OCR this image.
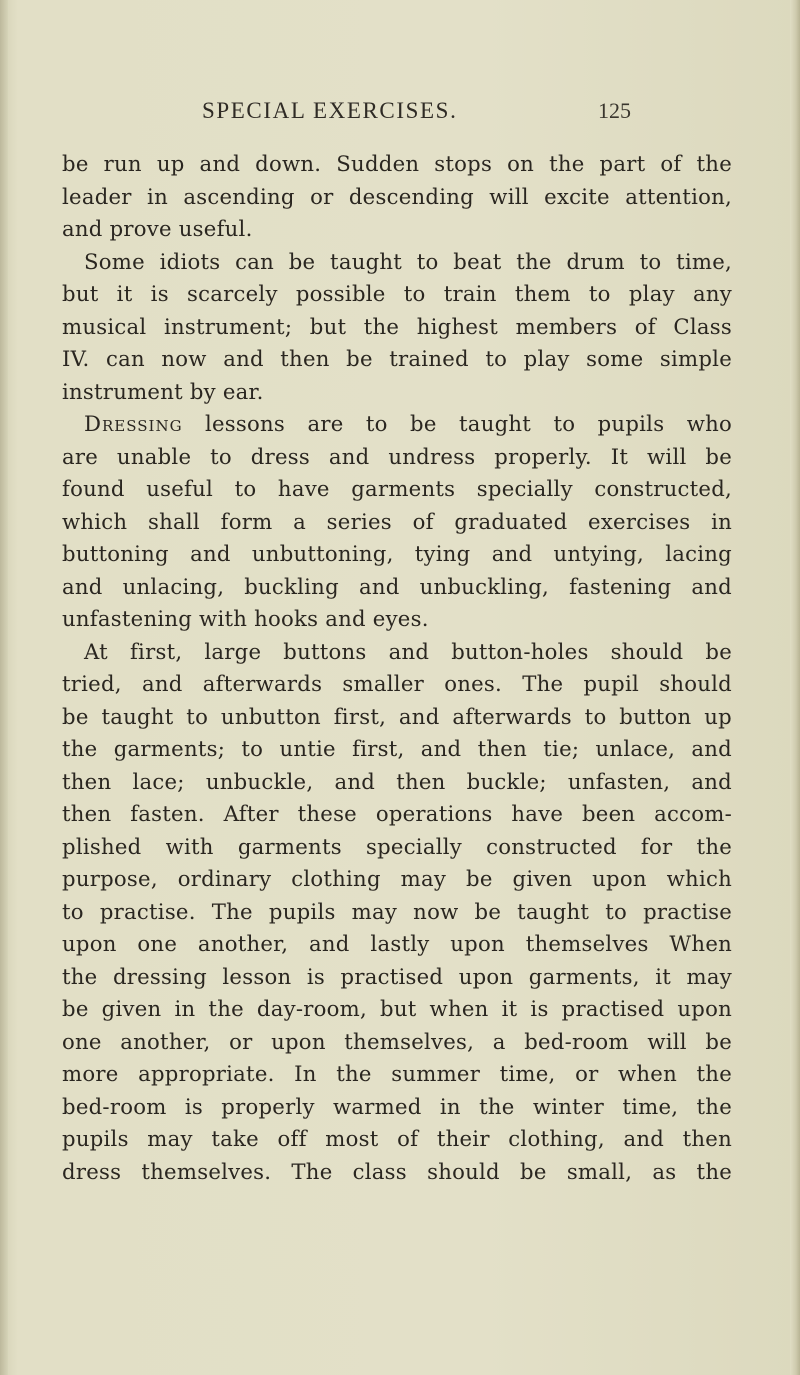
SPECIAL EXERCISES.	125
be run up and down. Sudden stops on the part of the
leader in ascending or descending will excite attention,
and prove useful.
Some idiots can be taught to beat the drum to time,
but it is scarcely possible to train them to play any
musical instrument; but the highest members of Class
IV. can now and then be trained to play some simple
instrument by ear.
Dressing lessons are to be taught to pupils who
are unable to dress and undress properly. It will be
found useful to have garments specially constructed,
which shall form a series of graduated exercises in
buttoning and unbuttoning, tying and untying, lacing
and unlacing, buckling and unbuckling, fastening and
unfastening with hooks and eyes.
At first, large buttons and button-holes should be
tried, and afterwards smaller ones. The pupil should
be taught to unbutton first, and afterwards to button up
the garments; to untie first, and then tie; unlace, and
then lace; unbuckle, and then buckle; unfasten, and
then fasten. After these operations have been accom-
plished with garments specially constructed for the
purpose, ordinary clothing may be given upon which
to practise. The pupils may now be taught to practise
upon one another, and lastly upon themselves When
the dressing lesson is practised upon garments, it may
be given in the day-room, but when it is practised upon
one another, or upon themselves, a bed-room will be
more appropriate. In the summer time, or when the
bed-room is properly warmed in the winter time, the
pupils may take off most of their clothing, and then
dress themselves. The class should be small, as the
